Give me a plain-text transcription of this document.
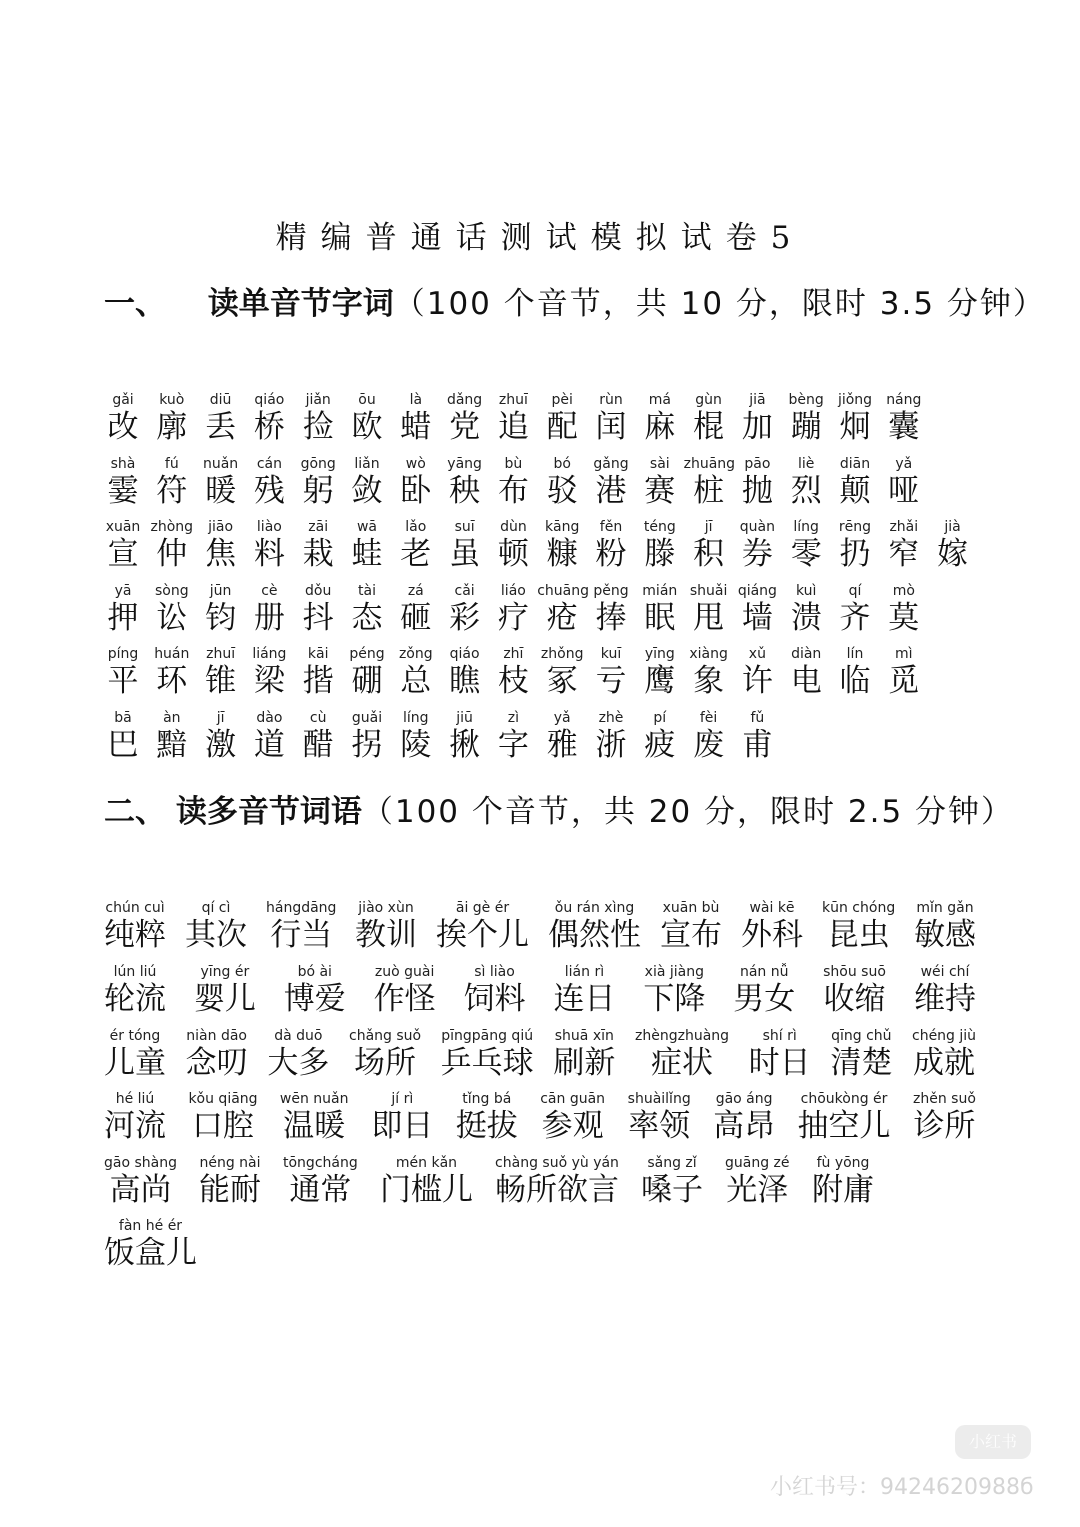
精编普通话测试模拟试卷5
一、 读单音节字词（100 个音节，共 10 分，限时 3.5 分钟）
gǎi
改
kuò
廓
diū
丢
qiáo
桥
jiǎn
捡
ōu
欧
là
蜡
dǎng
党
zhuī
追
pèi
配
rùn
闰
má
麻
gùn
棍
jiā
加
bèng
蹦
jiǒng
炯
náng
囊
shà
霎
fú
符
nuǎn
暖
cán
残
gōng
躬
liǎn
敛
wò
卧
yāng
秧
bù
布
bó
驳
gǎng
港
sài
赛
zhuāng
桩
pāo
抛
liè
烈
diān
颠
yǎ
哑
xuān
宣
zhòng
仲
jiāo
焦
liào
料
zāi
栽
wā
蛙
lǎo
老
suī
虽
dùn
顿
kāng
糠
fěn
粉
téng
滕
jī
积
quàn
券
líng
零
rēng
扔
zhǎi
窄
jià
嫁
yā
押
sòng
讼
jūn
钧
cè
册
dǒu
抖
tài
态
zá
砸
cǎi
彩
liáo
疗
chuāng
疮
pěng
捧
mián
眠
shuǎi
甩
qiáng
墙
kuì
溃
qí
齐
mò
莫
píng
平
huán
环
zhuī
锥
liáng
梁
kāi
揩
péng
硼
zǒng
总
qiáo
瞧
zhī
枝
zhǒng
冢
kuī
亏
yīng
鹰
xiàng
象
xǔ
许
diàn
电
lín
临
mì
觅
bā
巴
àn
黯
jī
激
dào
道
cù
醋
guǎi
拐
líng
陵
jiū
揪
zì
字
yǎ
雅
zhè
浙
pí
疲
fèi
废
fǔ
甫
二、 读多音节词语（100 个音节，共 20 分，限时 2.5 分钟）
chún cuì
纯粹
qí cì
其次
hángdāng
行当
jiào xùn
教训
āi gè ér
挨个儿
ǒu rán xìng
偶然性
xuān bù
宣布
wài kē
外科
kūn chóng
昆虫
mǐn gǎn
敏感
lún liú
轮流
yīng ér
婴儿
bó ài
博爱
zuò guài
作怪
sì liào
饲料
lián rì
连日
xià jiàng
下降
nán nǚ
男女
shōu suō
收缩
wéi chí
维持
ér tóng
儿童
niàn dāo
念叨
dà duō
大多
chǎng suǒ
场所
pīngpāng qiú
乒乓球
shuā xīn
刷新
zhèngzhuàng
症状
shí rì
时日
qīng chǔ
清楚
chéng jiù
成就
hé liú
河流
kǒu qiāng
口腔
wēn nuǎn
温暖
jí rì
即日
tǐng bá
挺拔
cān guān
参观
shuàilǐng
率领
gāo áng
高昂
chōukòng ér
抽空儿
zhěn suǒ
诊所
gāo shàng
高尚
néng nài
能耐
tōngcháng
通常
mén kǎn
门槛儿
chàng suǒ yù yán
畅所欲言
sǎng zǐ
嗓子
guāng zé
光泽
fù yōng
附庸
fàn hé ér
饭盒儿
小红书
小红书号：9424620988б
